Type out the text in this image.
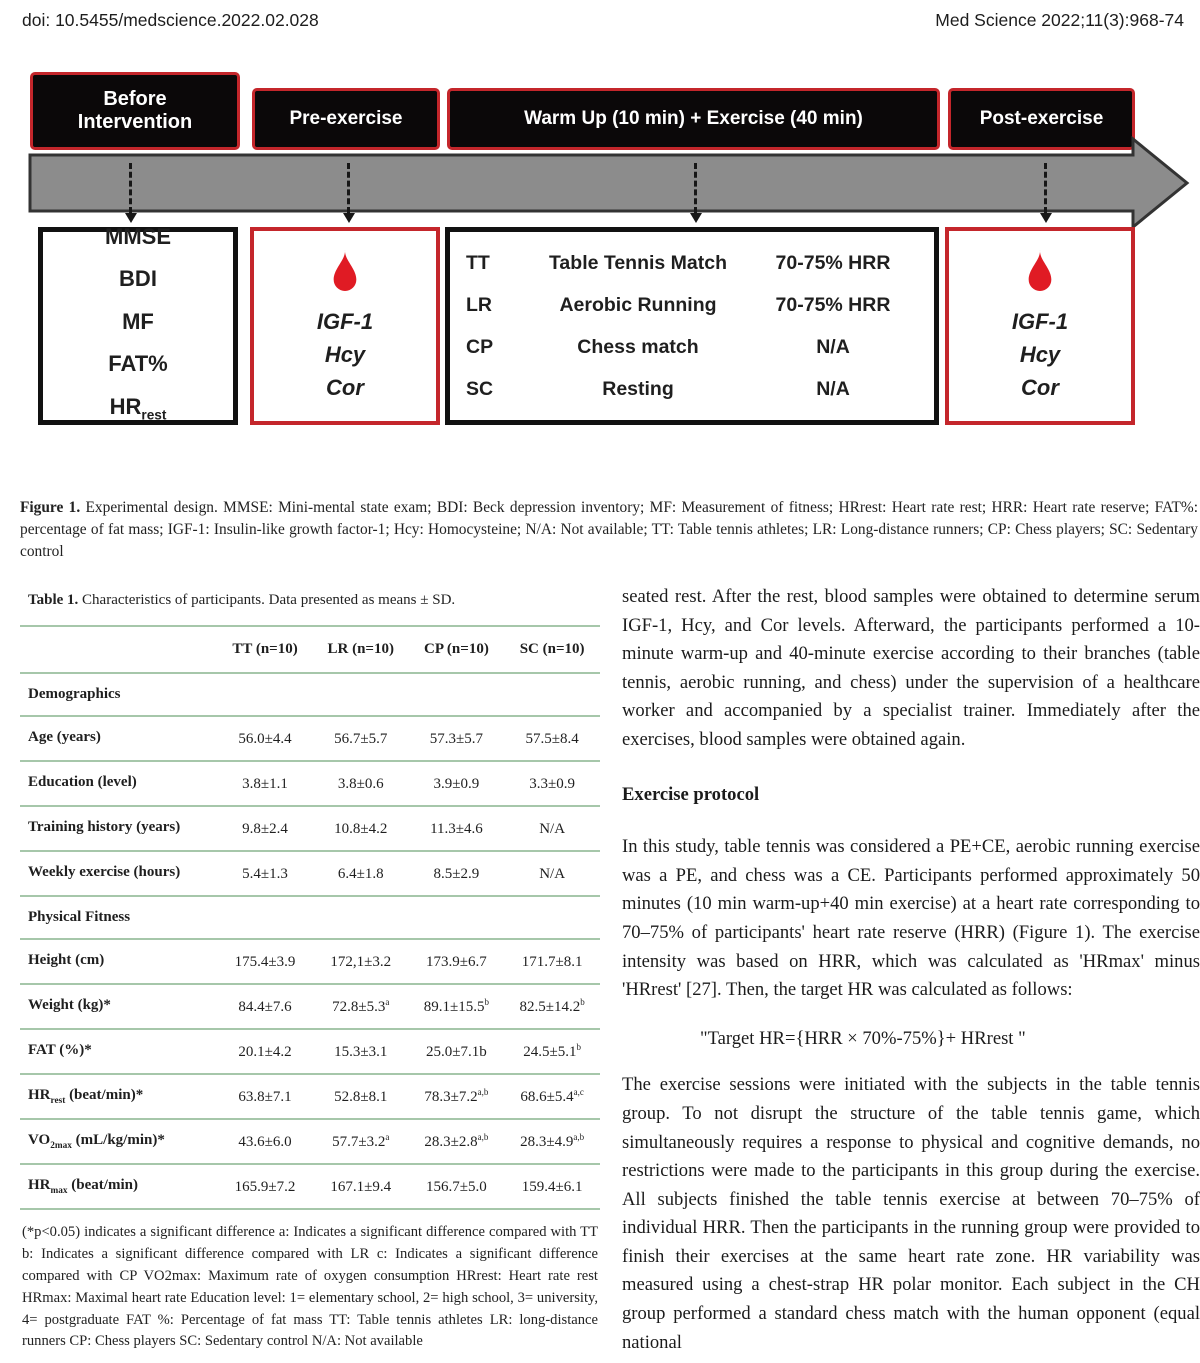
doi: 10.5455/medscience.2022.02.028	Med Science 2022;11(3):968-74
Before Intervention	Pre-exercise	Warm Up (10 min) + Exercise (40 min)	Post-exercise
MMSE
BDI
MF
FAT%
$HR_{rest}$
IGF-1
Hcy
Cor
TT	Table Tennis Match	70-75% HRR
LR	Aerobic Running	70-75% HRR
CP	Chess match	N/A
SC	Resting	N/A
IGF-1
Hcy
Cor

Figure 1. Experimental design. MMSE: Mini-mental state exam; BDI: Beck depression inventory; MF: Measurement of fitness; HRrest: Heart rate rest; HRR: Heart rate reserve; FAT%: percentage of fat mass; IGF-1: Insulin-like growth factor-1; Hcy: Homocysteine; N/A: Not available; TT: Table tennis athletes; LR: Long-distance runners; CP: Chess players; SC: Sedentary control

Table 1. Characteristics of participants. Data presented as means ± SD.

	TT (n=10)	LR (n=10)	CP (n=10)	SC (n=10)
Demographics				
Age (years)	56.0±4.4	56.7±5.7	57.3±5.7	57.5±8.4
Education (level)	3.8±1.1	3.8±0.6	3.9±0.9	3.3±0.9
Training history (years)	9.8±2.4	10.8±4.2	11.3±4.6	N/A
Weekly exercise (hours)	5.4±1.3	6.4±1.8	8.5±2.9	N/A
Physical Fitness				
Height (cm)	175.4±3.9	172,1±3.2	173.9±6.7	171.7±8.1
Weight (kg)*	84.4±7.6	72.8±5.3$^a$	89.1±15.5$^b$	82.5±14.2$^b$
FAT (%)*	20.1±4.2	15.3±3.1	25.0±7.1b	24.5±5.1$^b$
$HR_{rest}$ (beat/min)*	63.8±7.1	52.8±8.1	$78.3\pm 7.2^{a,b}$	$68.6\pm 5.4^{a,c}$
$VO_{2max}$ (mL/kg/min)*	43.6±6.0	57.7±3.2$^a$	$28.3\pm 2.8^{a,b}$	$28.3\pm 4.9^{a,b}$
$HR_{max}$ (beat/min)	165.9±7.2	167.1±9.4	156.7±5.0	159.4±6.1

(*p<0.05) indicates a significant difference a: Indicates a significant difference compared with TT b: Indicates a significant difference compared with LR c: Indicates a significant difference compared with CP VO2max: Maximum rate of oxygen consumption HRrest: Heart rate rest HRmax: Maximal heart rate Education level: 1= elementary school, 2= high school, 3= university, 4= postgraduate FAT %: Percentage of fat mass TT: Table tennis athletes LR: long-distance runners CP: Chess players SC: Sedentary control N/A: Not available

seated rest. After the rest, blood samples were obtained to determine serum IGF-1, Hcy, and Cor levels. Afterward, the participants performed a 10-minute warm-up and 40-minute exercise according to their branches (table tennis, aerobic running, and chess) under the supervision of a healthcare worker and accompanied by a specialist trainer. Immediately after the exercises, blood samples were obtained again.

Exercise protocol

In this study, table tennis was considered a PE+CE, aerobic running exercise was a PE, and chess was a CE. Participants performed approximately 50 minutes (10 min warm-up+40 min exercise) at a heart rate corresponding to 70–75% of participants' heart rate reserve (HRR) (Figure 1). The exercise intensity was based on HRR, which was calculated as 'HRmax' minus 'HRrest' [27]. Then, the target HR was calculated as follows:

"Target HR={HRR × 70%-75%}+ HRrest "

The exercise sessions were initiated with the subjects in the table tennis group. To not disrupt the structure of the table tennis game, which simultaneously requires a response to physical and cognitive demands, no restrictions were made to the participants in this group during the exercise. All subjects finished the table tennis exercise at between 70–75% of individual HRR. Then the participants in the running group were provided to finish their exercises at the same heart rate zone. HR variability was measured using a chest-strap HR polar monitor. Each subject in the CH group performed a standard chess match with the human opponent (equal national
